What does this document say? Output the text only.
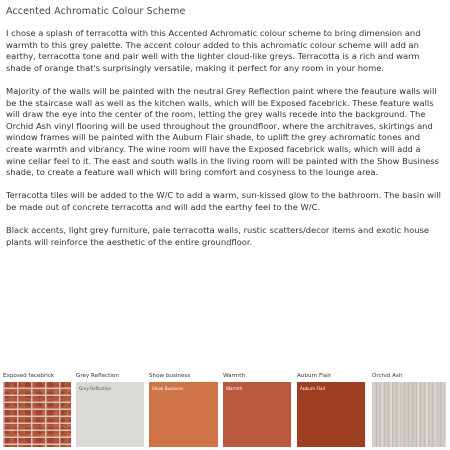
Accented Achromatic Colour Scheme

I chose a splash of terracotta with this Accented Achromatic colour scheme to bring dimension and warmth to this grey palette. The accent colour added to this achromatic colour scheme will add an earthy, terracotta tone and pair well with the lighter cloud-like greys. Terracotta is a rich and warm shade of orange that's surprisingly versatile, making it perfect for any room in your home.

Majority of the walls will be painted with the neutral Grey Reflection paint where the feauture walls will be the staircase wall as well as the kitchen walls, which will be Exposed facebrick. These feature walls will draw the eye into the center of the room, letting the grey walls recede into the background. The Orchid Ash vinyl flooring will be used throughout the groundfloor, where the architraves, skirtings and window frames will be painted with the Auburn Flair shade, to uplift the grey achromatic tones and create warmth and vibrancy. The wine room will have the Exposed facebrick walls, which will add a wine cellar feel to it. The east and south walls in the living room will be painted with the Show Business shade, to create a feature wall which will bring comfort and cosyness to the lounge area.

Terracotta tiles will be added to the W/C to add a warm, sun-kissed glow to the bathroom. The basin will be made out of concrete terracotta and will add the earthy feel to the W/C.

Black accents, light grey furniture, pale terracotta walls, rustic scatters/decor items and exotic house plants will reinforce the aesthetic of the entire groundfloor.

Exposed facebrick	Grey Reflection
Grey Reflection
Show business
Show Business
Warmth
Warmth
Auburn Flair
Auburn Flair
Orchid Ash
